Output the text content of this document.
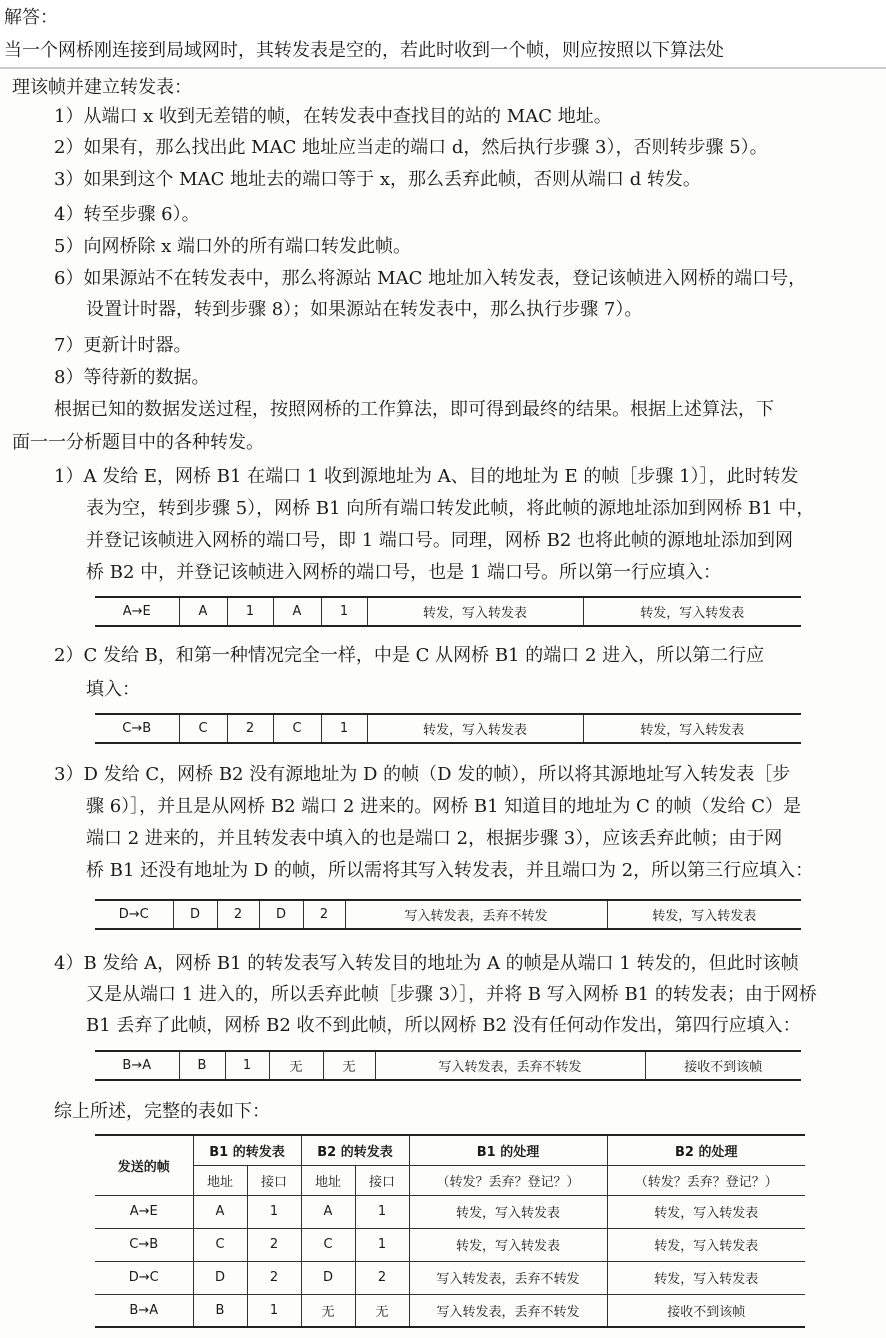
解答：
当一个网桥刚连接到局域网时，其转发表是空的，若此时收到一个帧，则应按照以下算法处
理该帧并建立转发表：
1）从端口 x 收到无差错的帧，在转发表中查找目的站的 MAC 地址。
2）如果有，那么找出此 MAC 地址应当走的端口 d，然后执行步骤 3），否则转步骤 5）。
3）如果到这个 MAC 地址去的端口等于 x，那么丢弃此帧，否则从端口 d 转发。
4）转至步骤 6）。
5）向网桥除 x 端口外的所有端口转发此帧。
6）如果源站不在转发表中，那么将源站 MAC 地址加入转发表，登记该帧进入网桥的端口号，
设置计时器，转到步骤 8）；如果源站在转发表中，那么执行步骤 7）。
7）更新计时器。
8）等待新的数据。
根据已知的数据发送过程，按照网桥的工作算法，即可得到最终的结果。根据上述算法，下
面一一分析题目中的各种转发。
1）A 发给 E，网桥 B1 在端口 1 收到源地址为 A、目的地址为 E 的帧［步骤 1）］，此时转发
表为空，转到步骤 5），网桥 B1 向所有端口转发此帧，将此帧的源地址添加到网桥 B1 中，
并登记该帧进入网桥的端口号，即 1 端口号。同理，网桥 B2 也将此帧的源地址添加到网
桥 B2 中，并登记该帧进入网桥的端口号，也是 1 端口号。所以第一行应填入：
A→E	A	1	A	1	转发，写入转发表	转发，写入转发表
2）C 发给 B，和第一种情况完全一样，中是 C 从网桥 B1 的端口 2 进入，所以第二行应
填入：
C→B	C	2	C	1	转发，写入转发表	转发，写入转发表
3）D 发给 C，网桥 B2 没有源地址为 D 的帧（D 发的帧），所以将其源地址写入转发表［步
骤 6）］，并且是从网桥 B2 端口 2 进来的。网桥 B1 知道目的地址为 C 的帧（发给 C）是
端口 2 进来的，并且转发表中填入的也是端口 2，根据步骤 3），应该丢弃此帧；由于网
桥 B1 还没有地址为 D 的帧，所以需将其写入转发表，并且端口为 2，所以第三行应填入：
D→C	D	2	D	2	写入转发表，丢弃不转发	转发，写入转发表
4）B 发给 A，网桥 B1 的转发表写入转发目的地址为 A 的帧是从端口 1 转发的，但此时该帧
又是从端口 1 进入的，所以丢弃此帧［步骤 3）］，并将 B 写入网桥 B1 的转发表；由于网桥
B1 丢弃了此帧，网桥 B2 收不到此帧，所以网桥 B2 没有任何动作发出，第四行应填入：
B→A	B	1	无	无	写入转发表，丢弃不转发	接收不到该帧
综上所述，完整的表如下：
发送的帧	B1 的转发表		B2 的转发表		B1 的处理	B2 的处理
	地址	接口	地址	接口	（转发？丢弃？登记？）	（转发？丢弃？登记？）
A→E	A	1	A	1	转发，写入转发表	转发，写入转发表
C→B	C	2	C	1	转发，写入转发表	转发，写入转发表
D→C	D	2	D	2	写入转发表，丢弃不转发	转发，写入转发表
B→A	B	1	无	无	写入转发表，丢弃不转发	接收不到该帧
